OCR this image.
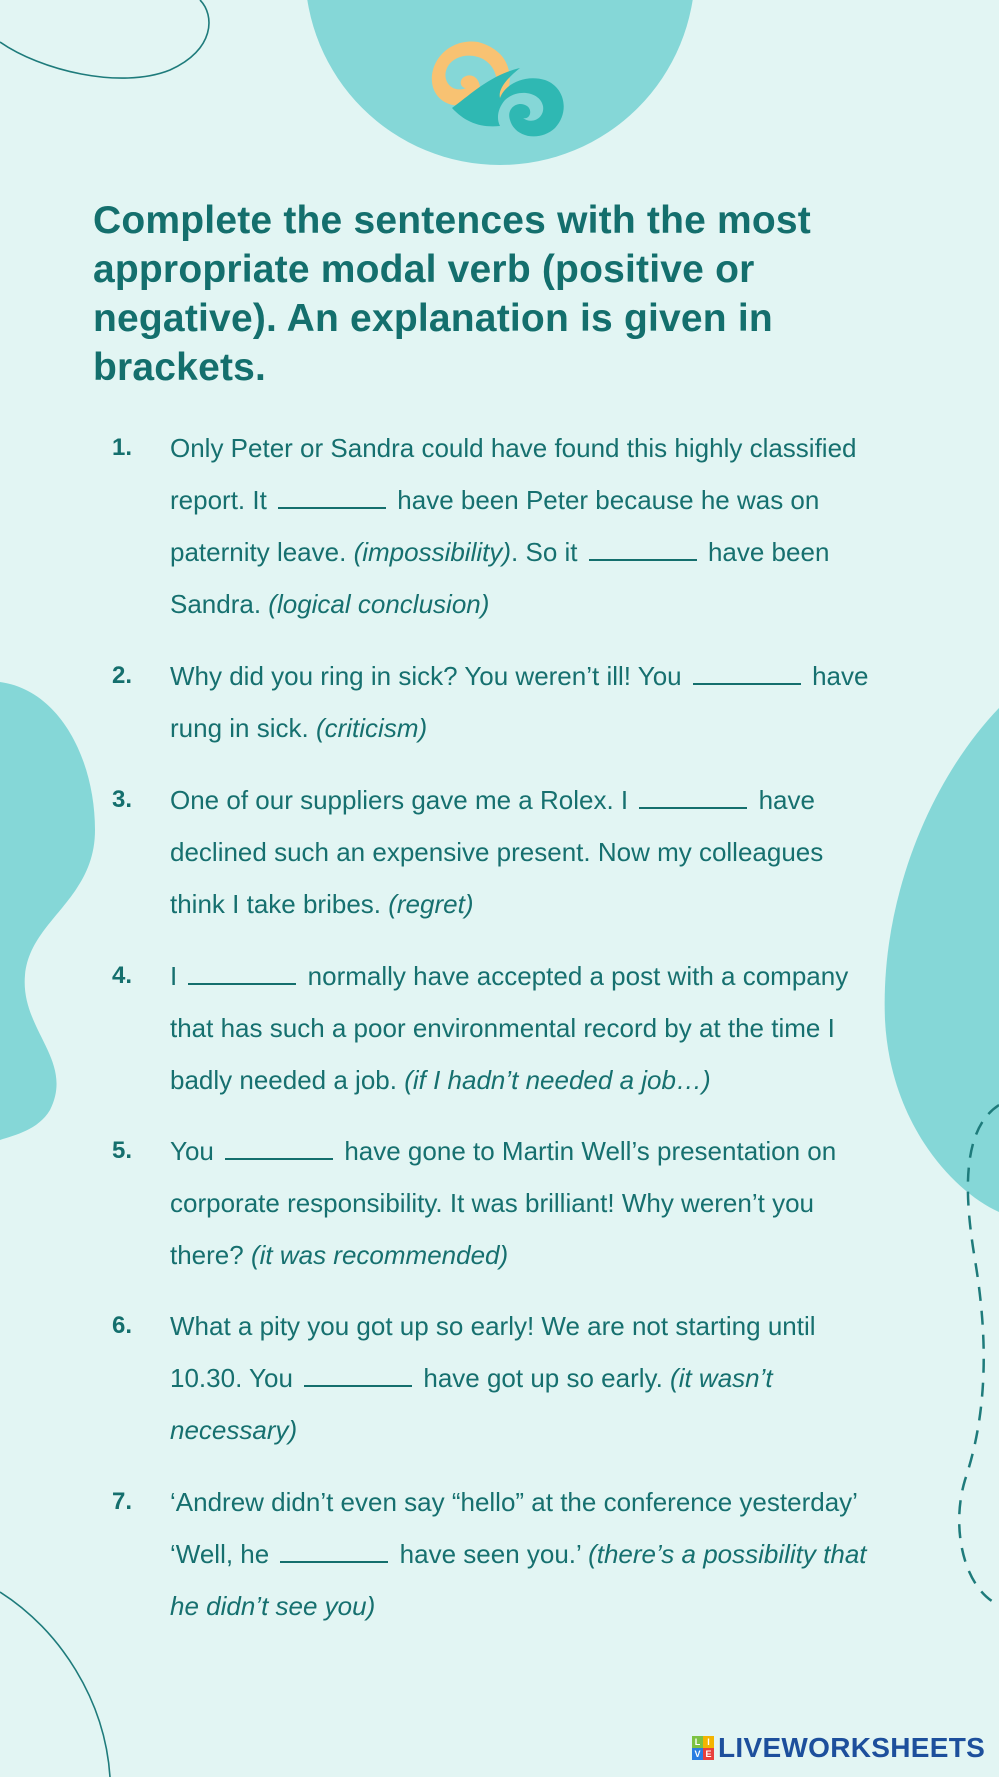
Complete the sentences with the most appropriate modal verb (positive or negative). An explanation is given in brackets.
1. Only Peter or Sandra could have found this highly classified
report. It	have been Peter because he was on
paternity leave. (impossibility). So it	have been
Sandra. (logical conclusion)
2. Why did you ring in sick? You weren’t ill! You	have
rung in sick. (criticism)
3. One of our suppliers gave me a Rolex. I	have
declined such an expensive present. Now my colleagues
think I take bribes. (regret)
4. I	normally have accepted a post with a company
that has such a poor environmental record by at the time I
badly needed a job. (if I hadn’t needed a job…)
5. You	have gone to Martin Well’s presentation on
corporate responsibility. It was brilliant! Why weren’t you
there? (it was recommended)
6. What a pity you got up so early! We are not starting until
10.30. You	have got up so early. (it wasn’t
necessary)
7. ‘Andrew didn’t even say “hello” at the conference yesterday’
‘Well, he	have seen you.’ (there’s a possibility that
he didn’t see you)
L I
V E LIVEWORKSHEETS
